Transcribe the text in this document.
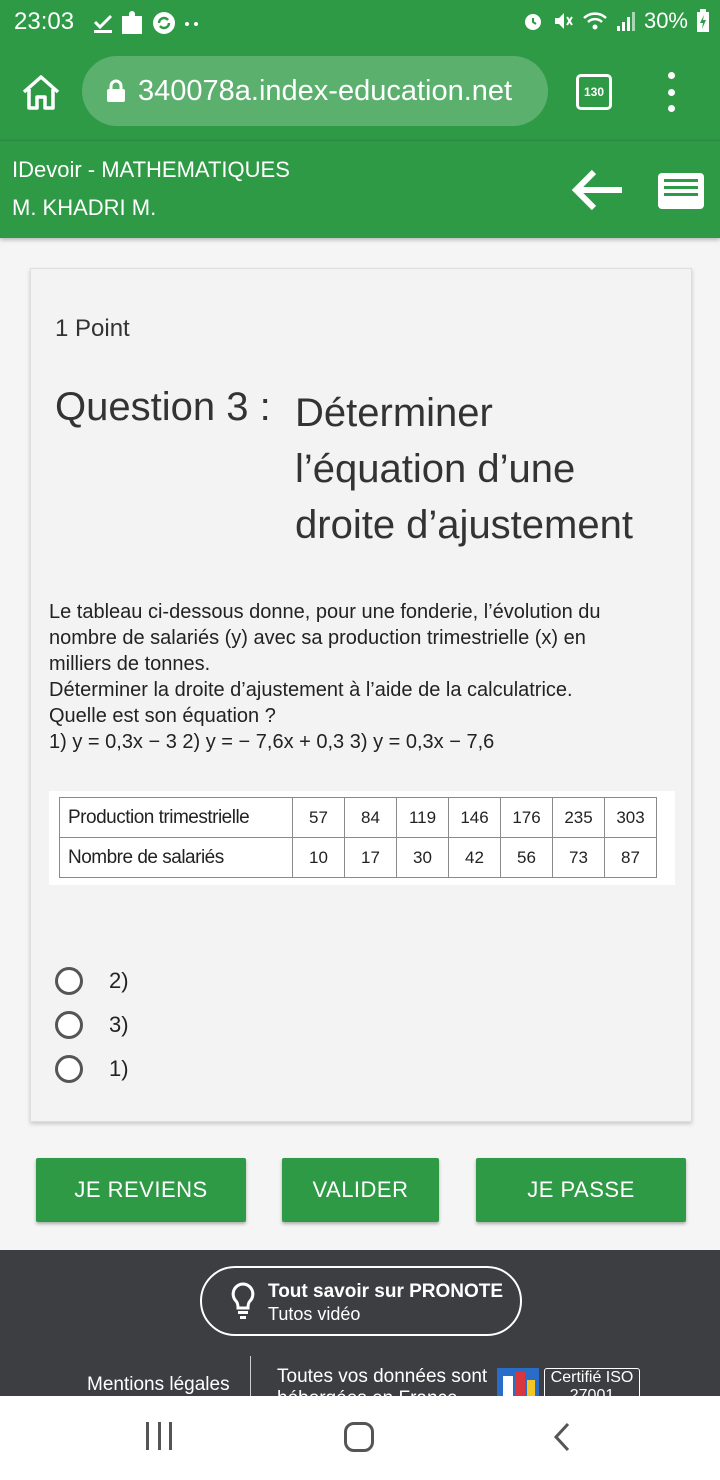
23:03	30%
340078a.index-education.net	130
IDevoir - MATHEMATIQUES
M. KHADRI M.
1 Point
Question 3 : Déterminer
l’équation d’une
droite d’ajustement
Le tableau ci-dessous donne, pour une fonderie, l’évolution du
nombre de salariés (y) avec sa production trimestrielle (x) en
milliers de tonnes.
Déterminer la droite d’ajustement à l’aide de la calculatrice.
Quelle est son équation ?
1) y = 0,3x − 3 2) y = − 7,6x + 0,3 3) y = 0,3x − 7,6
Production trimestrielle	57	84	119	146	176	235	303
Nombre de salariés	10	17	30	42	56	73	87
2)
3)
1)
JE REVIENS	VALIDER	JE PASSE
Tout savoir sur PRONOTE
Tutos vidéo
Mentions légales Toutes vos données sont	Certifié ISO
